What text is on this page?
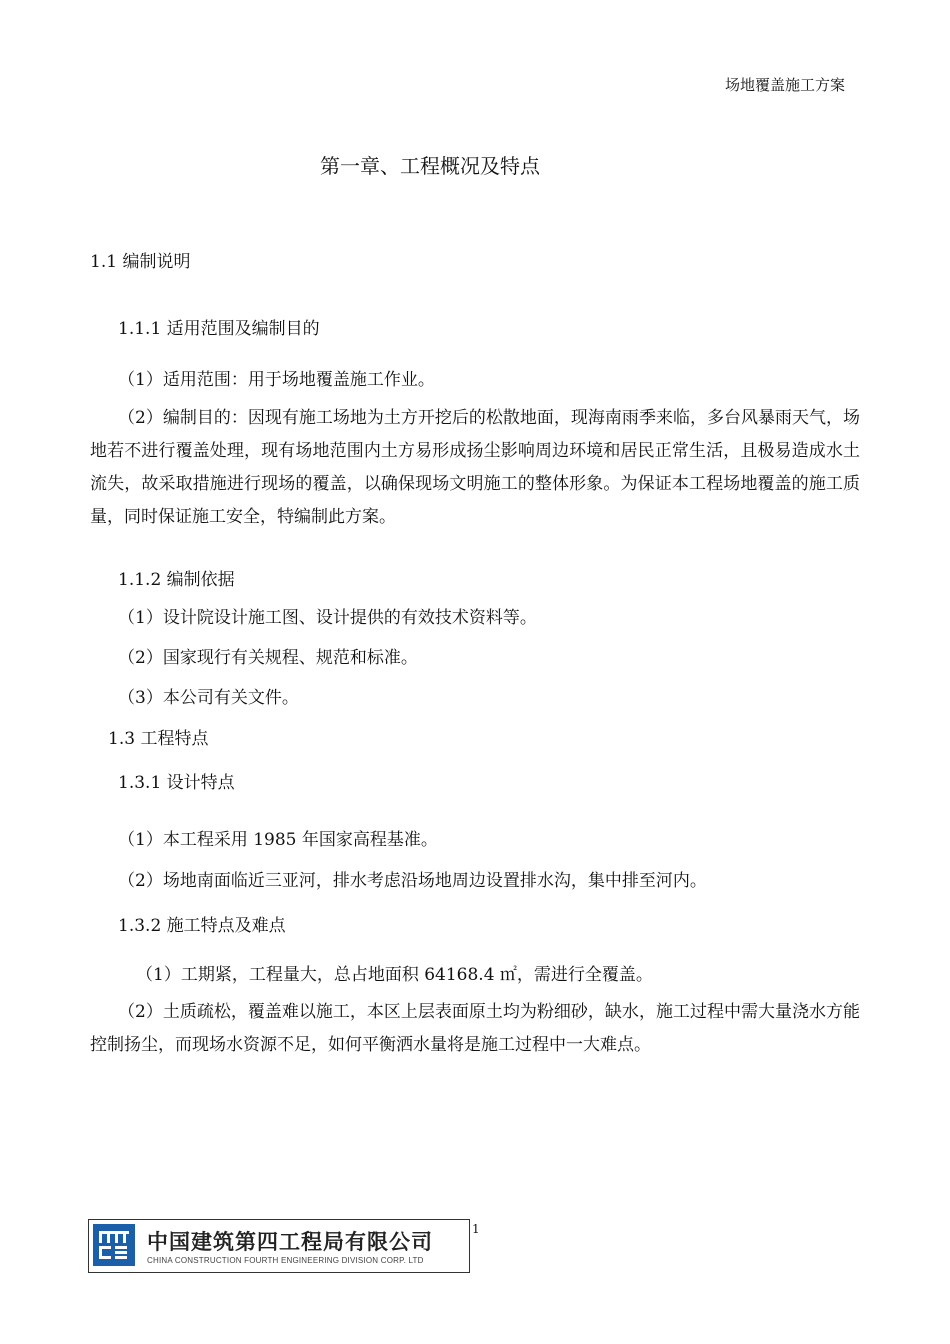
场地覆盖施工方案
第一章、工程概况及特点
1.1 编制说明
1.1.1 适用范围及编制目的
（1）适用范围：用于场地覆盖施工作业。
（2）编制目的：因现有施工场地为土方开挖后的松散地面，现海南雨季来临，多台风暴雨天气，场地若不进行覆盖处理，现有场地范围内土方易形成扬尘影响周边环境和居民正常生活，且极易造成水土流失，故采取措施进行现场的覆盖，以确保现场文明施工的整体形象。为保证本工程场地覆盖的施工质量，同时保证施工安全，特编制此方案。
1.1.2 编制依据
（1）设计院设计施工图、设计提供的有效技术资料等。
（2）国家现行有关规程、规范和标准。
（3）本公司有关文件。
1.3 工程特点
1.3.1 设计特点
（1）本工程采用 1985 年国家高程基准。
（2）场地南面临近三亚河，排水考虑沿场地周边设置排水沟，集中排至河内。
1.3.2 施工特点及难点
（1）工期紧，工程量大，总占地面积 64168.4 ㎡，需进行全覆盖。
（2）土质疏松，覆盖难以施工，本区上层表面原土均为粉细砂，缺水，施工过程中需大量浇水方能控制扬尘，而现场水资源不足，如何平衡洒水量将是施工过程中一大难点。
中国建筑第四工程局有限公司
CHINA CONSTRUCTION FOURTH ENGINEERING DIVISION CORP. LTD
1
